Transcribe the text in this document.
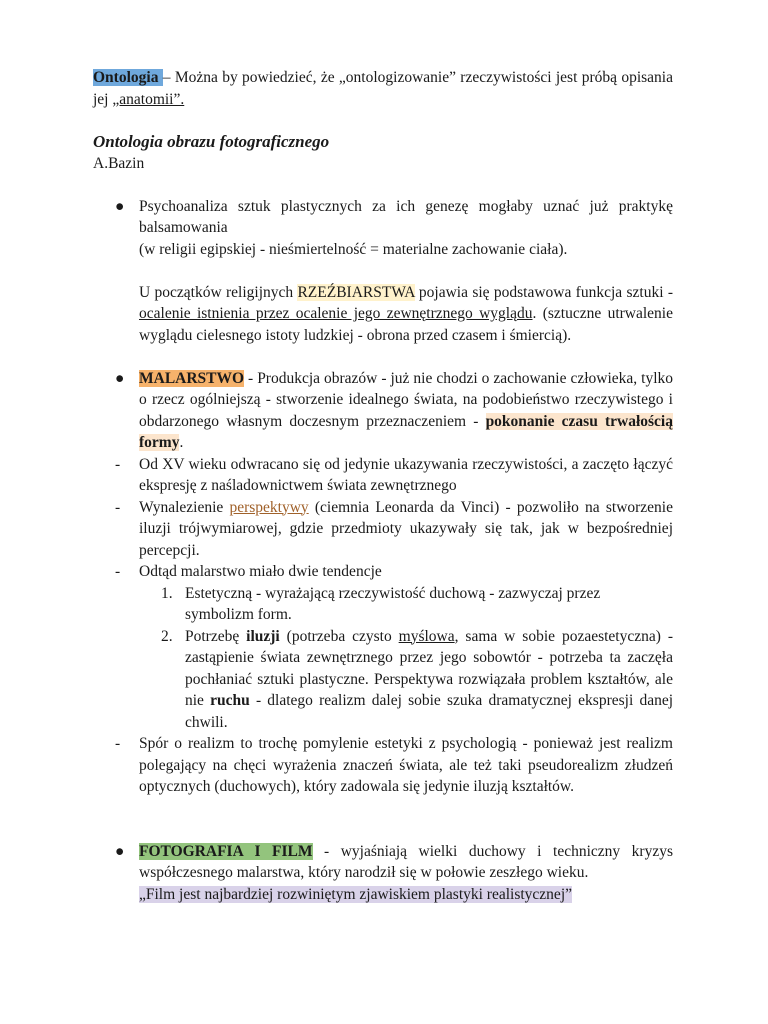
Ontologia – Można by powiedzieć, że „ontologizowanie” rzeczywistości jest próbą opisania jej „anatomii”.

Ontologia obrazu fotograficznego

A.Bazin

● Psychoanaliza sztuk plastycznych za ich genezę mogłaby uznać już praktykę balsamowania

(w religii egipskiej - nieśmiertelność = materialne zachowanie ciała).

U początków religijnych RZEŹBIARSTWA pojawia się podstawowa funkcja sztuki - ocalenie istnienia przez ocalenie jego zewnętrznego wyglądu. (sztuczne utrwalenie wyglądu cielesnego istoty ludzkiej - obrona przed czasem i śmiercią).

● MALARSTWO - Produkcja obrazów - już nie chodzi o zachowanie człowieka, tylko o rzecz ogólniejszą - stworzenie idealnego świata, na podobieństwo rzeczywistego i obdarzonego własnym doczesnym przeznaczeniem - pokonanie czasu trwałością formy.

- Od XV wieku odwracano się od jedynie ukazywania rzeczywistości, a zaczęto łączyć ekspresję z naśladownictwem świata zewnętrznego

- Wynalezienie perspektywy (ciemnia Leonarda da Vinci) - pozwoliło na stworzenie iluzji trójwymiarowej, gdzie przedmioty ukazywały się tak, jak w bezpośredniej percepcji.

- Odtąd malarstwo miało dwie tendencje

1. Estetyczną - wyrażającą rzeczywistość duchową - zazwyczaj przez symbolizm form.

2. Potrzebę iluzji (potrzeba czysto myślowa, sama w sobie pozaestetyczna) - zastąpienie świata zewnętrznego przez jego sobowtór - potrzeba ta zaczęła pochłaniać sztuki plastyczne. Perspektywa rozwiązała problem kształtów, ale nie ruchu - dlatego realizm dalej sobie szuka dramatycznej ekspresji danej chwili.

- Spór o realizm to trochę pomylenie estetyki z psychologią - ponieważ jest realizm polegający na chęci wyrażenia znaczeń świata, ale też taki pseudorealizm złudzeń optycznych (duchowych), który zadowala się jedynie iluzją kształtów.

● FOTOGRAFIA I FILM - wyjaśniają wielki duchowy i techniczny kryzys współczesnego malarstwa, który narodził się w połowie zeszłego wieku.

„Film jest najbardziej rozwiniętym zjawiskiem plastyki realistycznej”
